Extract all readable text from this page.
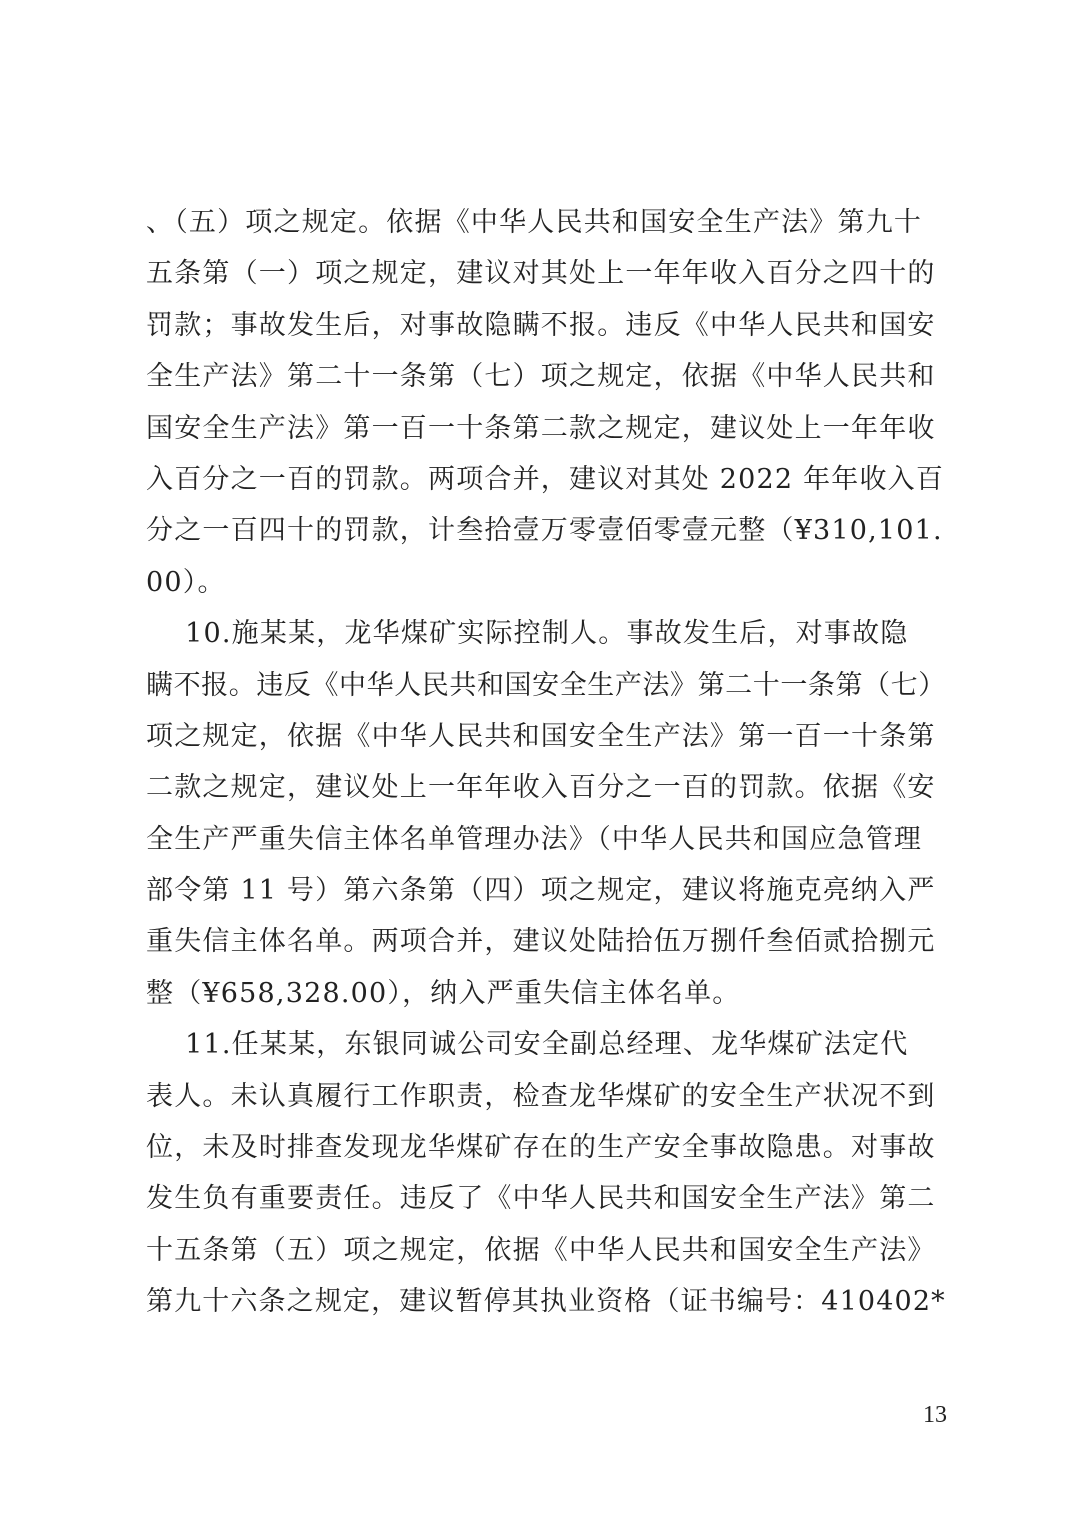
、（五）项之规定。依据《中华人民共和国安全生产法》第九十
五条第（一）项之规定，建议对其处上一年年收入百分之四十的
罚款；事故发生后，对事故隐瞒不报。违反《中华人民共和国安
全生产法》第二十一条第（七）项之规定，依据《中华人民共和
国安全生产法》第一百一十条第二款之规定，建议处上一年年收
入百分之一百的罚款。两项合并，建议对其处 2022 年年收入百
分之一百四十的罚款，计叁拾壹万零壹佰零壹元整（¥310,101.
00）。
10.施某某，龙华煤矿实际控制人。事故发生后，对事故隐
瞒不报。违反《中华人民共和国安全生产法》第二十一条第（七）
项之规定，依据《中华人民共和国安全生产法》第一百一十条第
二款之规定，建议处上一年年收入百分之一百的罚款。依据《安
全生产严重失信主体名单管理办法》（中华人民共和国应急管理
部令第 11 号）第六条第（四）项之规定，建议将施克亮纳入严
重失信主体名单。两项合并，建议处陆拾伍万捌仟叁佰贰拾捌元
整（¥658,328.00），纳入严重失信主体名单。
11.任某某，东银同诚公司安全副总经理、龙华煤矿法定代
表人。未认真履行工作职责，检查龙华煤矿的安全生产状况不到
位，未及时排查发现龙华煤矿存在的生产安全事故隐患。对事故
发生负有重要责任。违反了《中华人民共和国安全生产法》第二
十五条第（五）项之规定，依据《中华人民共和国安全生产法》
第九十六条之规定，建议暂停其执业资格（证书编号：410402*
13
